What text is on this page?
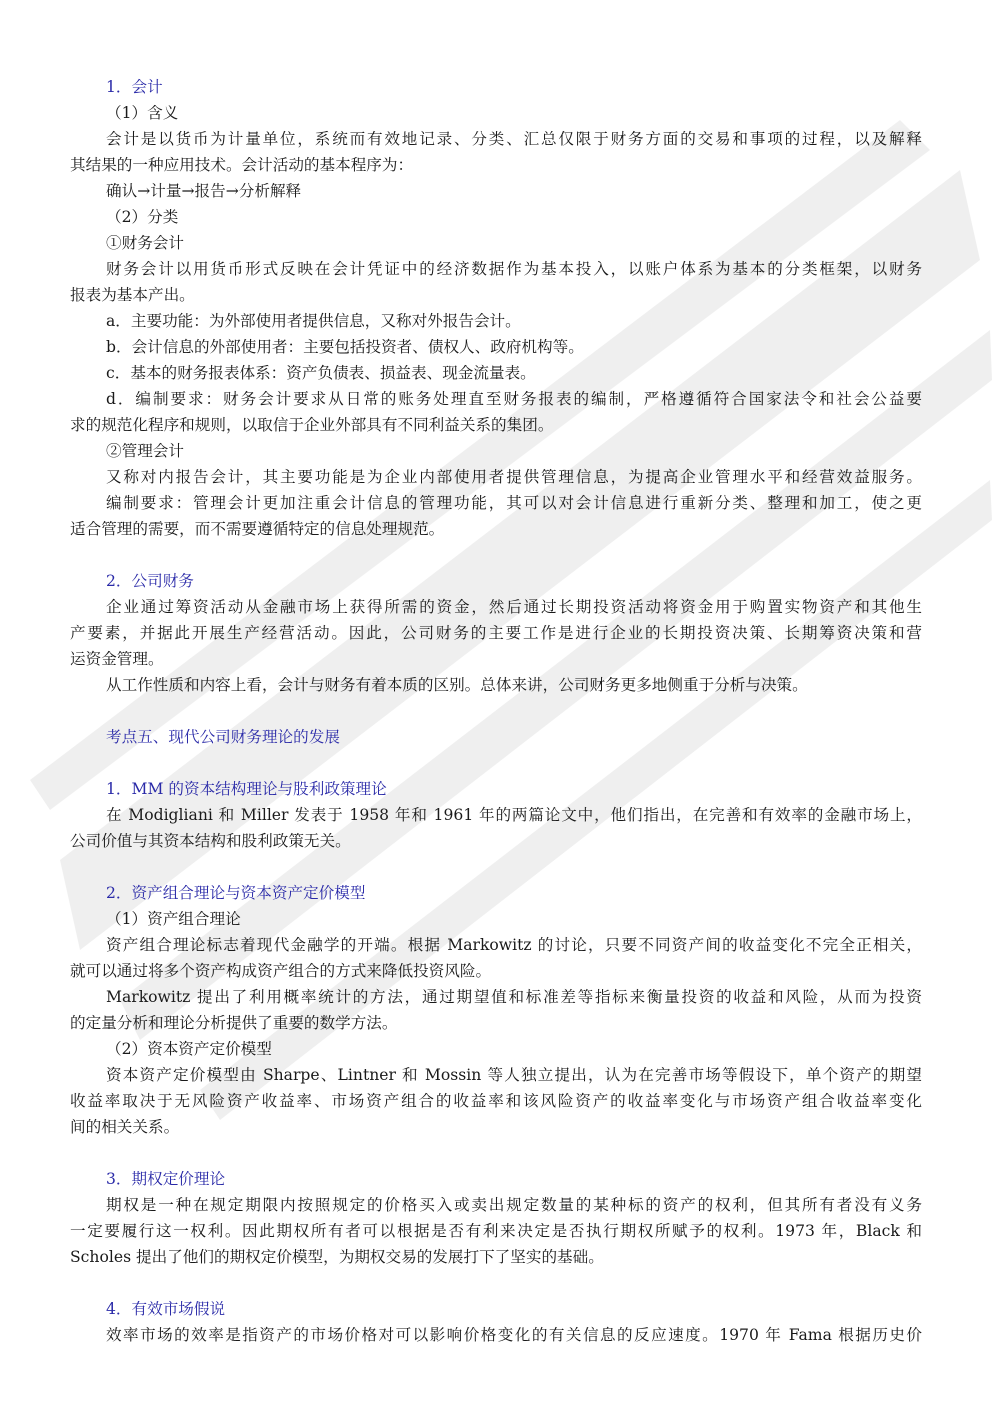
1．会计
（1）含义
会计是以货币为计量单位，系统而有效地记录、分类、汇总仅限于财务方面的交易和事项的过程，以及解释
其结果的一种应用技术。会计活动的基本程序为：
确认→计量→报告→分析解释
（2）分类
①财务会计
财务会计以用货币形式反映在会计凭证中的经济数据作为基本投入，以账户体系为基本的分类框架，以财务
报表为基本产出。
a．主要功能：为外部使用者提供信息，又称对外报告会计。
b．会计信息的外部使用者：主要包括投资者、债权人、政府机构等。
c．基本的财务报表体系：资产负债表、损益表、现金流量表。
d．编制要求：财务会计要求从日常的账务处理直至财务报表的编制，严格遵循符合国家法令和社会公益要
求的规范化程序和规则，以取信于企业外部具有不同利益关系的集团。
②管理会计
又称对内报告会计，其主要功能是为企业内部使用者提供管理信息，为提高企业管理水平和经营效益服务。
编制要求：管理会计更加注重会计信息的管理功能，其可以对会计信息进行重新分类、整理和加工，使之更
适合管理的需要，而不需要遵循特定的信息处理规范。
2．公司财务
企业通过筹资活动从金融市场上获得所需的资金，然后通过长期投资活动将资金用于购置实物资产和其他生
产要素，并据此开展生产经营活动。因此，公司财务的主要工作是进行企业的长期投资决策、长期筹资决策和营
运资金管理。
从工作性质和内容上看，会计与财务有着本质的区别。总体来讲，公司财务更多地侧重于分析与决策。
考点五、现代公司财务理论的发展
1．MM 的资本结构理论与股利政策理论
在 Modigliani 和 Miller 发表于 1958 年和 1961 年的两篇论文中，他们指出，在完善和有效率的金融市场上，
公司价值与其资本结构和股利政策无关。
2．资产组合理论与资本资产定价模型
（1）资产组合理论
资产组合理论标志着现代金融学的开端。根据 Markowitz 的讨论，只要不同资产间的收益变化不完全正相关，
就可以通过将多个资产构成资产组合的方式来降低投资风险。
Markowitz 提出了利用概率统计的方法，通过期望值和标准差等指标来衡量投资的收益和风险，从而为投资
的定量分析和理论分析提供了重要的数学方法。
（2）资本资产定价模型
资本资产定价模型由 Sharpe、Lintner 和 Mossin 等人独立提出，认为在完善市场等假设下，单个资产的期望
收益率取决于无风险资产收益率、市场资产组合的收益率和该风险资产的收益率变化与市场资产组合收益率变化
间的相关关系。
3．期权定价理论
期权是一种在规定期限内按照规定的价格买入或卖出规定数量的某种标的资产的权利，但其所有者没有义务
一定要履行这一权利。因此期权所有者可以根据是否有利来决定是否执行期权所赋予的权利。1973 年，Black 和
Scholes 提出了他们的期权定价模型，为期权交易的发展打下了坚实的基础。
4．有效市场假说
效率市场的效率是指资产的市场价格对可以影响价格变化的有关信息的反应速度。1970 年 Fama 根据历史价
